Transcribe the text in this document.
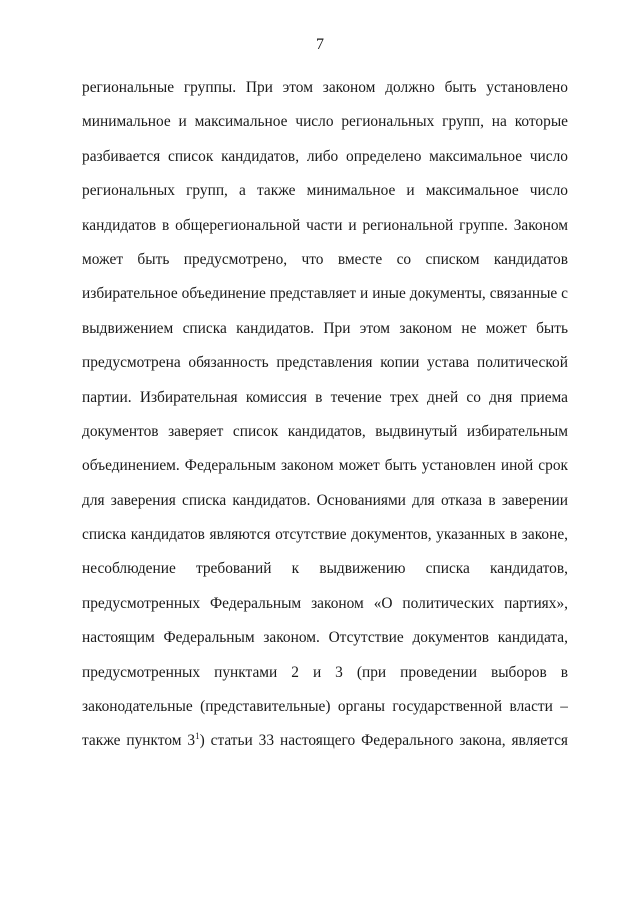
7
региональные группы. При этом законом должно быть установлено
минимальное и максимальное число региональных групп, на которые
разбивается список кандидатов, либо определено максимальное число
региональных групп, а также минимальное и максимальное число
кандидатов в общерегиональной части и региональной группе. Законом
может быть предусмотрено, что вместе со списком кандидатов
избирательное объединение представляет и иные документы, связанные с
выдвижением списка кандидатов. При этом законом не может быть
предусмотрена обязанность представления копии устава политической
партии. Избирательная комиссия в течение трех дней со дня приема
документов заверяет список кандидатов, выдвинутый избирательным
объединением. Федеральным законом может быть установлен иной срок
для заверения списка кандидатов. Основаниями для отказа в заверении
списка кандидатов являются отсутствие документов, указанных в законе,
несоблюдение требований к выдвижению списка кандидатов,
предусмотренных Федеральным законом «О политических партиях»,
настоящим Федеральным законом. Отсутствие документов кандидата,
предусмотренных пунктами 2 и 3 (при проведении выборов в
законодательные (представительные) органы государственной власти –
также пунктом $3^1$) статьи 33 настоящего Федерального закона, является
